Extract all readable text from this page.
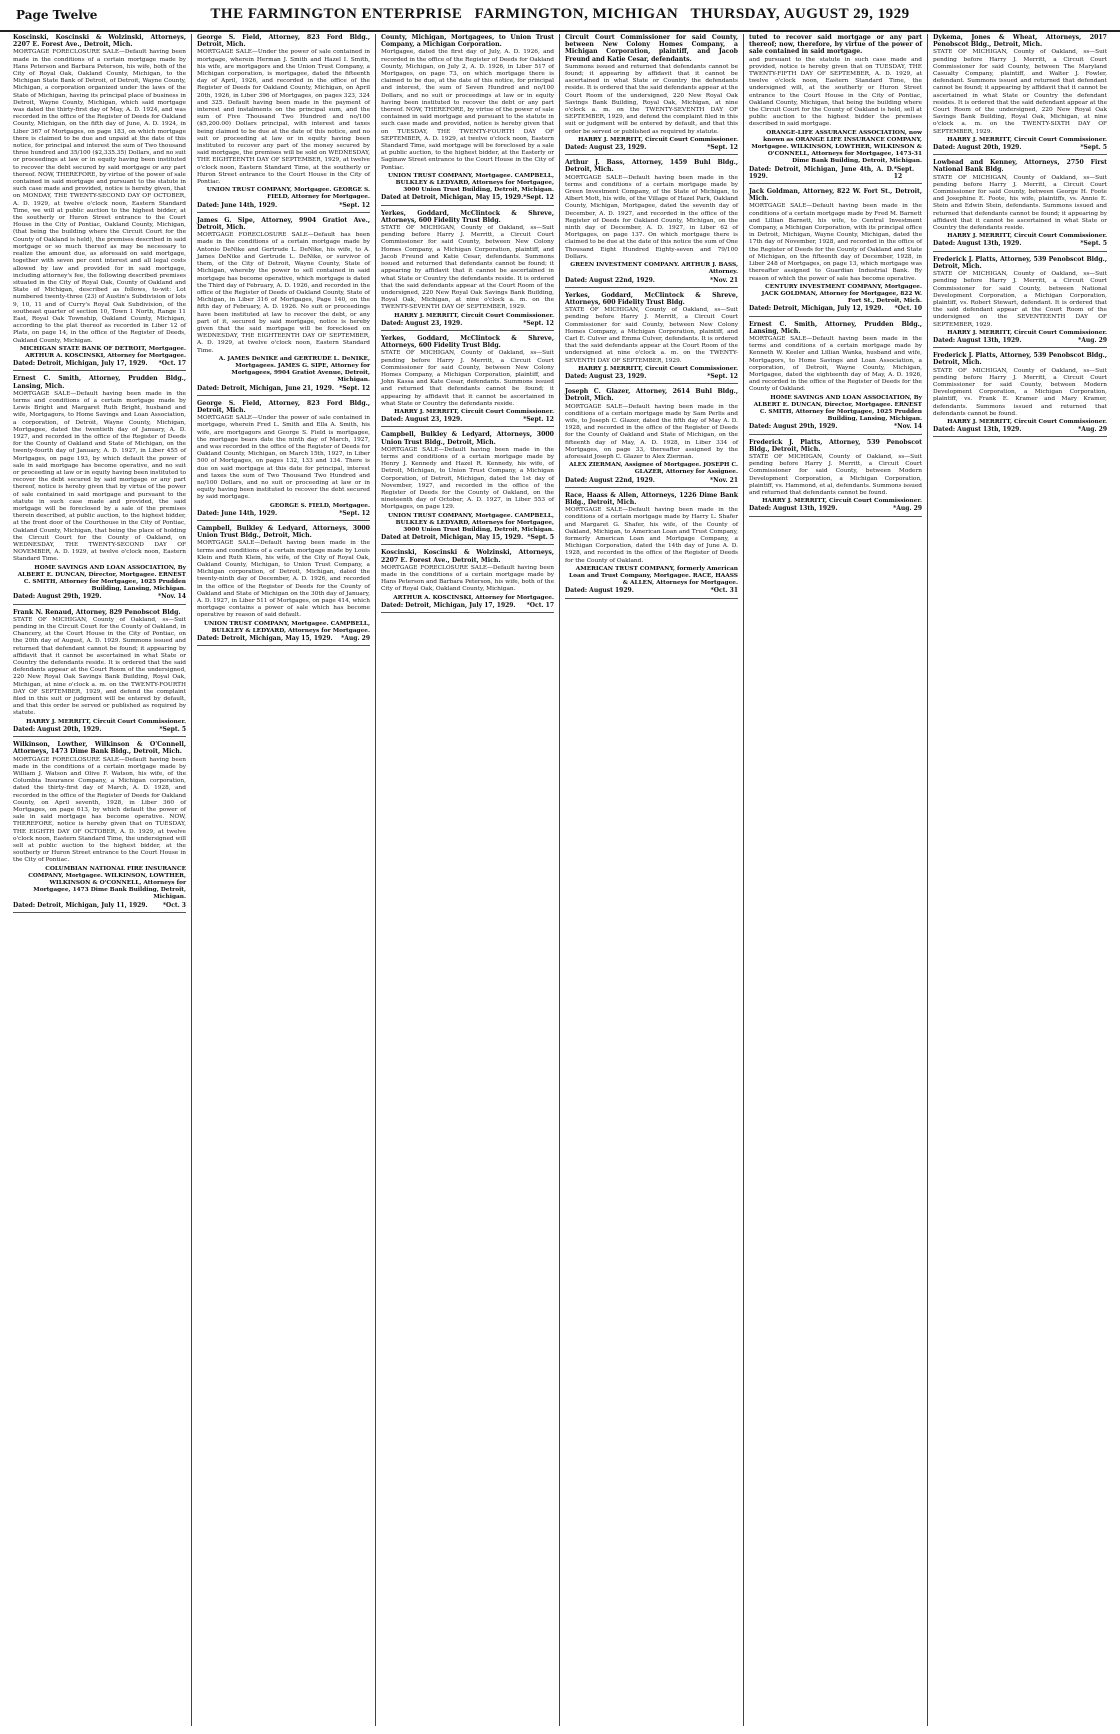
Page Twelve	THE FARMINGTON ENTERPRISE FARMINGTON, MICHIGAN THURSDAY, AUGUST 29, 1929
Koscinski, Koscinski & Wolzinski, Attorneys, 2207 E. Forest Ave., Detroit, Mich.
MORTGAGE FORECLOSURE SALE—Default having been made in the conditions of a certain mortgage made by Hans Peterson and Barbara Peterson, his wife, both of the City of Royal Oak, Oakland County, Michigan, to the Michigan State Bank of Detroit, of Detroit, Wayne County, Michigan, a corporation organized under the laws of the State of Michigan, having its principal place of business in Detroit, Wayne County, Michigan, which said mortgage was dated the thirty-first day of May, A. D. 1924, and was recorded in the office of the Register of Deeds for Oakland County, Michigan, on the fifth day of June, A. D. 1924, in Liber 367 of Mortgages, on page 183, on which mortgage there is claimed to be due and unpaid at the date of this notice, for principal and interest the sum of Two thousand three hundred and 35/100 ($2,335.35) Dollars, and no suit or proceedings at law or in equity having been instituted to recover the debt secured by said mortgage or any part thereof. NOW, THEREFORE, by virtue of the power of sale contained in said mortgage and pursuant to the statute in such case made and provided, notice is hereby given, that on MONDAY, THE TWENTY-SECOND DAY OF OCTOBER, A. D. 1929, at twelve o'clock noon, Eastern Standard Time, we will at public auction to the highest bidder, at the southerly or Huron Street entrance to the Court House in the City of Pontiac, Oakland County, Michigan, (that being the building where the Circuit Court for the County of Oakland is held), the premises described in said mortgage or so much thereof as may be necessary to realize the amount due, as aforesaid on said mortgage, together with seven per cent interest and all legal costs allowed by law and provided for in said mortgage, including attorney's fee, the following described premises situated in the City of Royal Oak, County of Oakland and State of Michigan, described as follows, to-wit: Lot numbered twenty-three (23) of Austin's Subdivision of lots 9, 10, 11 and of Curry's Royal Oak Subdivision, of the southeast quarter of section 10, Town 1 North, Range 11 East, Royal Oak Township, Oakland County, Michigan, according to the plat thereof as recorded in Liber 12 of Plats, on page 14, in the office of the Register of Deeds, Oakland County, Michigan.
MICHIGAN STATE BANK OF DETROIT, Mortgagee. ARTHUR A. KOSCINSKI, Attorney for Mortgagee.
Dated: Detroit, Michigan, July 17, 1929. *Oct. 17
Ernest C. Smith, Attorney, Prudden Bldg., Lansing, Mich.
MORTGAGE SALE—Default having been made in the terms and conditions of a certain mortgage made by Lewis Bright and Margaret Ruth Bright, husband and wife, Mortgagors, to Home Savings and Loan Association, a corporation, of Detroit, Wayne County, Michigan, Mortgagee, dated the twentieth day of January, A. D. 1927, and recorded in the office of the Register of Deeds for the County of Oakland and State of Michigan, on the twenty-fourth day of January, A. D. 1927, in Liber 455 of Mortgages, on page 193, by which default the power of sale in said mortgage has become operative, and no suit or proceeding at law or in equity having been instituted to recover the debt secured by said mortgage or any part thereof, notice is hereby given that by virtue of the power of sale contained in said mortgage and pursuant to the statute in such case made and provided, the said mortgage will be foreclosed by a sale of the premises therein described, at public auction, to the highest bidder, at the front door of the Courthouse in the City of Pontiac, Oakland County, Michigan, that being the place of holding the Circuit Court for the County of Oakland, on WEDNESDAY, THE TWENTY-SECOND DAY OF NOVEMBER, A. D. 1929, at twelve o'clock noon, Eastern Standard Time.
HOME SAVINGS AND LOAN ASSOCIATION, By ALBERT E. DUNCAN, Director, Mortgagee. ERNEST C. SMITH, Attorney for Mortgagee, 1025 Prudden Building, Lansing, Michigan.
Dated: August 29th, 1929.	*Nov. 14
Frank N. Renaud, Attorney, 829 Penobscot Bldg.
STATE OF MICHIGAN, County of Oakland, ss—Suit pending in the Circuit Court for the County of Oakland, in Chancery, at the Court House in the City of Pontiac, on the 20th day of August, A. D. 1929. Summons issued and returned that defendant cannot be found; it appearing by affidavit that it cannot be ascertained in what State or Country the defendants reside. It is ordered that the said defendants appear at the Court Room of the undersigned, 220 New Royal Oak Savings Bank Building, Royal Oak, Michigan, at nine o'clock a. m. on the TWENTY-FOURTH DAY OF SEPTEMBER, 1929, and defend the complaint filed in this suit or judgment will be entered by default, and that this order be served or published as required by statute.
HARRY J. MERRITT, Circuit Court Commissioner.
Dated: August 20th, 1929.	*Sept. 5
Wilkinson, Lowther, Wilkinson & O'Connell, Attorneys, 1473 Dime Bank Bldg., Detroit, Mich.
MORTGAGE FORECLOSURE SALE—Default having been made in the conditions of a certain mortgage made by William J. Watson and Olive F. Watson, his wife, of the Columbia Insurance Company, a Michigan corporation, dated the thirty-first day of March, A. D. 1928, and recorded in the office of the Register of Deeds for Oakland County, on April seventh, 1928, in Liber 360 of Mortgages, on page 613, by which default the power of sale in said mortgage has become operative. NOW, THEREFORE, notice is hereby given that on TUESDAY, THE EIGHTH DAY OF OCTOBER, A. D. 1929, at twelve o'clock noon, Eastern Standard Time, the undersigned will sell at public auction to the highest bidder, at the southerly or Huron Street entrance to the Court House in the City of Pontiac.
COLUMBIAN NATIONAL FIRE INSURANCE COMPANY, Mortgagee. WILKINSON, LOWTHER, WILKINSON & O'CONNELL, Attorneys for Mortgagee, 1473 Dime Bank Building, Detroit, Michigan.
Dated: Detroit, Michigan, July 11, 1929.	*Oct. 3
George S. Field, Attorney, 823 Ford Bldg., Detroit, Mich.
MORTGAGE SALE—Under the power of sale contained in mortgage, wherein Herman J. Smith and Hazel I. Smith, his wife, are mortgagors and the Union Trust Company, a Michigan corporation, is mortgagee, dated the fifteenth day of April, 1926, and recorded in the office of the Register of Deeds for Oakland County, Michigan, on April 20th, 1926, in Liber 396 of Mortgages, on pages 323, 324 and 325. Default having been made in the payment of interest and instalments on the principal sum, and the sum of Five Thousand Two Hundred and no/100 ($5,200.00) Dollars principal, with interest and taxes being claimed to be due at the date of this notice, and no suit or proceeding at law or in equity having been instituted to recover any part of the money secured by said mortgage, the premises will be sold on WEDNESDAY, THE EIGHTEENTH DAY OF SEPTEMBER, 1929, at twelve o'clock noon, Eastern Standard Time, at the southerly or Huron Street entrance to the Court House in the City of Pontiac.
UNION TRUST COMPANY, Mortgagee. GEORGE S. FIELD, Attorney for Mortgagee.
Dated: June 14th, 1929.	*Sept. 12
James G. Sipe, Attorney, 9904 Gratiot Ave., Detroit, Mich.
MORTGAGE FORECLOSURE SALE—Default has been made in the conditions of a certain mortgage made by Antonio DeNike and Gertrude L. DeNike, his wife, to A. James DeNike and Gertrude L. DeNike, or survivor of them, of the City of Detroit, Wayne County, State of Michigan, whereby the power to sell contained in said mortgage has become operative, which mortgage is dated the Third day of February, A. D. 1926, and recorded in the office of the Register of Deeds of Oakland County, State of Michigan, in Liber 316 of Mortgages, Page 140, on the fifth day of February, A. D. 1926. No suit or proceedings have been instituted at law to recover the debt, or any part of it, secured by said mortgage, notice is hereby given that the said mortgage will be foreclosed on WEDNESDAY, THE EIGHTEENTH DAY OF SEPTEMBER, A. D. 1929, at twelve o'clock noon, Eastern Standard Time.
A. JAMES DeNIKE and GERTRUDE L. DeNIKE, Mortgagees. JAMES G. SIPE, Attorney for Mortgagees, 9904 Gratiot Avenue, Detroit, Michigan.
Dated: Detroit, Michigan, June 21, 1929. *Sept. 12
George S. Field, Attorney, 823 Ford Bldg., Detroit, Mich.
MORTGAGE SALE—Under the power of sale contained in mortgage, wherein Fred L. Smith and Ella A. Smith, his wife, are mortgagors and George S. Field is mortgagee, the mortgage bears date the ninth day of March, 1927, and was recorded in the office of the Register of Deeds for Oakland County, Michigan, on March 15th, 1927, in Liber 500 of Mortgages, on pages 132, 133 and 134. There is due on said mortgage at this date for principal, interest and taxes the sum of Two Thousand Two Hundred and no/100 Dollars, and no suit or proceeding at law or in equity having been instituted to recover the debt secured by said mortgage.
GEORGE S. FIELD, Mortgagee.
Dated: June 14th, 1929.	*Sept. 12
Campbell, Bulkley & Ledyard, Attorneys, 3000 Union Trust Bldg., Detroit, Mich.
MORTGAGE SALE—Default having been made in the terms and conditions of a certain mortgage made by Louis Klein and Ruth Klein, his wife, of the City of Royal Oak, Oakland County, Michigan, to Union Trust Company, a Michigan corporation, of Detroit, Michigan, dated the twenty-ninth day of December, A. D. 1926, and recorded in the office of the Register of Deeds for the County of Oakland and State of Michigan on the 30th day of January, A. D. 1927, in Liber 511 of Mortgages, on page 414, which mortgage contains a power of sale which has become operative by reason of said default.
UNION TRUST COMPANY, Mortgagee. CAMPBELL, BULKLEY & LEDYARD, Attorneys for Mortgagee.
Dated: Detroit, Michigan, May 15, 1929. *Aug. 29
County, Michigan, Mortgagees, to Union Trust Company, a Michigan Corporation.
Mortgagee, dated the first day of July, A. D. 1926, and recorded in the office of the Register of Deeds for Oakland County, Michigan, on July 2, A. D. 1926, in Liber 517 of Mortgages, on page 73, on which mortgage there is claimed to be due, at the date of this notice, for principal and interest, the sum of Seven Hundred and no/100 Dollars, and no suit or proceedings at law or in equity having been instituted to recover the debt or any part thereof. NOW, THEREFORE, by virtue of the power of sale contained in said mortgage and pursuant to the statute in such case made and provided, notice is hereby given that on TUESDAY, THE TWENTY-FOURTH DAY OF SEPTEMBER, A. D. 1929, at twelve o'clock noon, Eastern Standard Time, said mortgage will be foreclosed by a sale at public auction, to the highest bidder, at the Easterly or Saginaw Street entrance to the Court House in the City of Pontiac.
UNION TRUST COMPANY, Mortgagee. CAMPBELL, BULKLEY & LEDYARD, Attorneys for Mortgagee, 3000 Union Trust Building, Detroit, Michigan.
Dated at Detroit, Michigan, May 15, 1929. *Sept. 12
Yerkes, Goddard, McClintock & Shreve, Attorneys, 600 Fidelity Trust Bldg.
STATE OF MICHIGAN, County of Oakland, ss—Suit pending before Harry J. Merritt, a Circuit Court Commissioner for said County, between New Colony Homes Company, a Michigan Corporation, plaintiff, and Jacob Freund and Katie Cesar, defendants. Summons issued and returned that defendants cannot be found; it appearing by affidavit that it cannot be ascertained in what State or Country the defendants reside. It is ordered that the said defendants appear at the Court Room of the undersigned, 220 New Royal Oak Savings Bank Building, Royal Oak, Michigan, at nine o'clock a. m. on the TWENTY-SEVENTH DAY OF SEPTEMBER, 1929.
HARRY J. MERRITT, Circuit Court Commissioner.
Dated: August 23, 1929.	*Sept. 12
Yerkes, Goddard, McClintock & Shreve, Attorneys, 600 Fidelity Trust Bldg.
STATE OF MICHIGAN, County of Oakland, ss—Suit pending before Harry J. Merritt, a Circuit Court Commissioner for said County, between New Colony Homes Company, a Michigan Corporation, plaintiff, and John Kassa and Kate Cesar, defendants. Summons issued and returned that defendants cannot be found; it appearing by affidavit that it cannot be ascertained in what State or Country the defendants reside.
HARRY J. MERRITT, Circuit Court Commissioner.
Dated: August 23, 1929.	*Sept. 12
Campbell, Bulkley & Ledyard, Attorneys, 3000 Union Trust Bldg., Detroit, Mich.
MORTGAGE SALE—Default having been made in the terms and conditions of a certain mortgage made by Henry J. Kennedy and Hazel R. Kennedy, his wife, of Detroit, Michigan, to Union Trust Company, a Michigan Corporation, of Detroit, Michigan, dated the 1st day of November, 1927, and recorded in the office of the Register of Deeds for the County of Oakland, on the nineteenth day of October, A. D. 1927, in Liber 553 of Mortgages, on page 129.
UNION TRUST COMPANY, Mortgagee. CAMPBELL, BULKLEY & LEDYARD, Attorneys for Mortgagee, 3000 Union Trust Building, Detroit, Michigan.
Dated at Detroit, Michigan, May 15, 1929. *Sept. 5
Koscinski, Koscinski & Wolzinski, Attorneys, 2207 E. Forest Ave., Detroit, Mich.
MORTGAGE FORECLOSURE SALE—Default having been made in the conditions of a certain mortgage made by Hans Peterson and Barbara Peterson, his wife, both of the City of Royal Oak, Oakland County, Michigan.
ARTHUR A. KOSCINSKI, Attorney for Mortgagee.
Dated: Detroit, Michigan, July 17, 1929. *Oct. 17
Circuit Court Commissioner for said County, between New Colony Homes Company, a Michigan Corporation, plaintiff, and Jacob Freund and Katie Cesar, defendants.
Summons issued and returned that defendants cannot be found; it appearing by affidavit that it cannot be ascertained in what State or Country the defendants reside. It is ordered that the said defendants appear at the Court Room of the undersigned, 220 New Royal Oak Savings Bank Building, Royal Oak, Michigan, at nine o'clock a. m. on the TWENTY-SEVENTH DAY OF SEPTEMBER, 1929, and defend the complaint filed in this suit or judgment will be entered by default, and that this order be served or published as required by statute.
HARRY J. MERRITT, Circuit Court Commissioner.
Dated: August 23, 1929.	*Sept. 12
Arthur J. Bass, Attorney, 1459 Buhl Bldg., Detroit, Mich.
MORTGAGE SALE—Default having been made in the terms and conditions of a certain mortgage made by Green Investment Company, of the State of Michigan, to Albert Mott, his wife, of the Village of Hazel Park, Oakland County, Michigan, Mortgagee, dated the seventh day of December, A. D. 1927, and recorded in the office of the Register of Deeds for Oakland County, Michigan, on the ninth day of December, A. D. 1927, in Liber 62 of Mortgages, on page 137. On which mortgage there is claimed to be due at the date of this notice the sum of One Thousand Eight Hundred Eighty-seven and 79/100 Dollars.
GREEN INVESTMENT COMPANY. ARTHUR J. BASS, Attorney.
Dated: August 22nd, 1929.	*Nov. 21
Yerkes, Goddard, McClintock & Shreve, Attorneys, 600 Fidelity Trust Bldg.
STATE OF MICHIGAN, County of Oakland, ss—Suit pending before Harry J. Merritt, a Circuit Court Commissioner for said County, between New Colony Homes Company, a Michigan Corporation, plaintiff, and Carl E. Culver and Emma Culver, defendants. It is ordered that the said defendants appear at the Court Room of the undersigned at nine o'clock a. m. on the TWENTY-SEVENTH DAY OF SEPTEMBER, 1929.
HARRY J. MERRITT, Circuit Court Commissioner.
Dated: August 23, 1929.	*Sept. 12
Joseph C. Glazer, Attorney, 2614 Buhl Bldg., Detroit, Mich.
MORTGAGE SALE—Default having been made in the conditions of a certain mortgage made by Sam Perlis and wife, to Joseph C. Glazer, dated the fifth day of May A. D. 1928, and recorded in the office of the Register of Deeds for the County of Oakland and State of Michigan, on the fifteenth day of May, A. D. 1928, in Liber 334 of Mortgages, on page 33, thereafter assigned by the aforesaid Joseph C. Glazer to Alex Zierman.
ALEX ZIERMAN, Assignee of Mortgagee. JOSEPH C. GLAZER, Attorney for Assignee.
Dated: August 22nd, 1929.	*Nov. 21
Race, Haass & Allen, Attorneys, 1226 Dime Bank Bldg., Detroit, Mich.
MORTGAGE SALE—Default having been made in the conditions of a certain mortgage made by Harry L. Shafer and Margaret G. Shafer, his wife, of the County of Oakland, Michigan, to American Loan and Trust Company, formerly American Loan and Mortgage Company, a Michigan Corporation, dated the 14th day of June A. D. 1928, and recorded in the office of the Register of Deeds for the County of Oakland.
AMERICAN TRUST COMPANY, formerly American Loan and Trust Company, Mortgagee. RACE, HAASS & ALLEN, Attorneys for Mortgagee.
Dated: August 1929.	*Oct. 31
tuted to recover said mortgage or any part thereof; now, therefore, by virtue of the power of sale contained in said mortgage.
and pursuant to the statute in such case made and provided, notice is hereby given that on TUESDAY, THE TWENTY-FIFTH DAY OF SEPTEMBER, A. D. 1929, at twelve o'clock noon, Eastern Standard Time, the undersigned will, at the southerly or Huron Street entrance to the Court House in the City of Pontiac, Oakland County, Michigan, that being the building where the Circuit Court for the County of Oakland is held, sell at public auction to the highest bidder the premises described in said mortgage.
ORANGE-LIFE ASSURANCE ASSOCIATION, now known as ORANGE LIFE INSURANCE COMPANY, Mortgagee. WILKINSON, LOWTHER, WILKINSON & O'CONNELL, Attorneys for Mortgagee, 1473-31 Dime Bank Building, Detroit, Michigan.
Dated: Detroit, Michigan, June 4th, A. D. 1929.
*Sept. 12
Jack Goldman, Attorney, 822 W. Fort St., Detroit, Mich.
MORTGAGE SALE—Default having been made in the conditions of a certain mortgage made by Fred M. Barnett and Lillian Barnett, his wife, to Central Investment Company, a Michigan Corporation, with its principal office in Detroit, Michigan, Wayne County, Michigan, dated the 17th day of November, 1928, and recorded in the office of the Register of Deeds for the County of Oakland and State of Michigan, on the fifteenth day of December, 1928, in Liber 248 of Mortgages, on page 13, which mortgage was thereafter assigned to Guardian Industrial Bank. By reason of which the power of sale has become operative.
CENTURY INVESTMENT COMPANY, Mortgagee. JACK GOLDMAN, Attorney for Mortgagee, 822 W. Fort St., Detroit, Mich.
Dated: Detroit, Michigan, July 12, 1929. *Oct. 10
Ernest C. Smith, Attorney, Prudden Bldg., Lansing, Mich.
MORTGAGE SALE—Default having been made in the terms and conditions of a certain mortgage made by Kenneth W. Keeler and Lillian Wanka, husband and wife, Mortgagors, to Home Savings and Loan Association, a corporation, of Detroit, Wayne County, Michigan, Mortgagee, dated the eighteenth day of May, A. D. 1926, and recorded in the office of the Register of Deeds for the County of Oakland.
HOME SAVINGS AND LOAN ASSOCIATION, By ALBERT E. DUNCAN, Director, Mortgagee. ERNEST C. SMITH, Attorney for Mortgagee, 1025 Prudden Building, Lansing, Michigan.
Dated: August 29th, 1929.	*Nov. 14
Frederick J. Platts, Attorney, 539 Penobscot Bldg., Detroit, Mich.
STATE OF MICHIGAN, County of Oakland, ss—Suit pending before Harry J. Merritt, a Circuit Court Commissioner for said County, between Modern Development Corporation, a Michigan Corporation, plaintiff, vs. Hammond, et al, defendants. Summons issued and returned that defendants cannot be found.
HARRY J. MERRITT, Circuit Court Commissioner.
Dated: August 13th, 1929.	*Aug. 29
Dykema, Jones & Wheat, Attorneys, 2017 Penobscot Bldg., Detroit, Mich.
STATE OF MICHIGAN, County of Oakland, ss—Suit pending before Harry J. Merritt, a Circuit Court Commissioner for said County, between The Maryland Casualty Company, plaintiff, and Walter J. Fowler, defendant. Summons issued and returned that defendant cannot be found; it appearing by affidavit that it cannot be ascertained in what State or Country the defendant resides. It is ordered that the said defendant appear at the Court Room of the undersigned, 220 New Royal Oak Savings Bank Building, Royal Oak, Michigan, at nine o'clock a. m. on the TWENTY-SIXTH DAY OF SEPTEMBER, 1929.
HARRY J. MERRITT, Circuit Court Commissioner.
Dated: August 20th, 1929.	*Sept. 5
Lowbead and Kenney, Attorneys, 2750 First National Bank Bldg.
STATE OF MICHIGAN, County of Oakland, ss—Suit pending before Harry J. Merritt, a Circuit Court Commissioner for said County, between George H. Foote and Josephine E. Foote, his wife, plaintiffs, vs. Annie E. Stein and Edwin Stein, defendants. Summons issued and returned that defendants cannot be found; it appearing by affidavit that it cannot be ascertained in what State or Country the defendants reside.
HARRY J. MERRITT, Circuit Court Commissioner.
Dated: August 13th, 1929.	*Sept. 5
Frederick J. Platts, Attorney, 539 Penobscot Bldg., Detroit, Mich.
STATE OF MICHIGAN, County of Oakland, ss—Suit pending before Harry J. Merritt, a Circuit Court Commissioner for said County, between National Development Corporation, a Michigan Corporation, plaintiff, vs. Robert Stewart, defendant. It is ordered that the said defendant appear at the Court Room of the undersigned on the SEVENTEENTH DAY OF SEPTEMBER, 1929.
HARRY J. MERRITT, Circuit Court Commissioner.
Dated: August 13th, 1929.	*Aug. 29
Frederick J. Platts, Attorney, 539 Penobscot Bldg., Detroit, Mich.
STATE OF MICHIGAN, County of Oakland, ss—Suit pending before Harry J. Merritt, a Circuit Court Commissioner for said County, between Modern Development Corporation, a Michigan Corporation, plaintiff, vs. Frank E. Kramer and Mary Kramer, defendants. Summons issued and returned that defendants cannot be found.
HARRY J. MERRITT, Circuit Court Commissioner.
Dated: August 13th, 1929.	*Aug. 29
